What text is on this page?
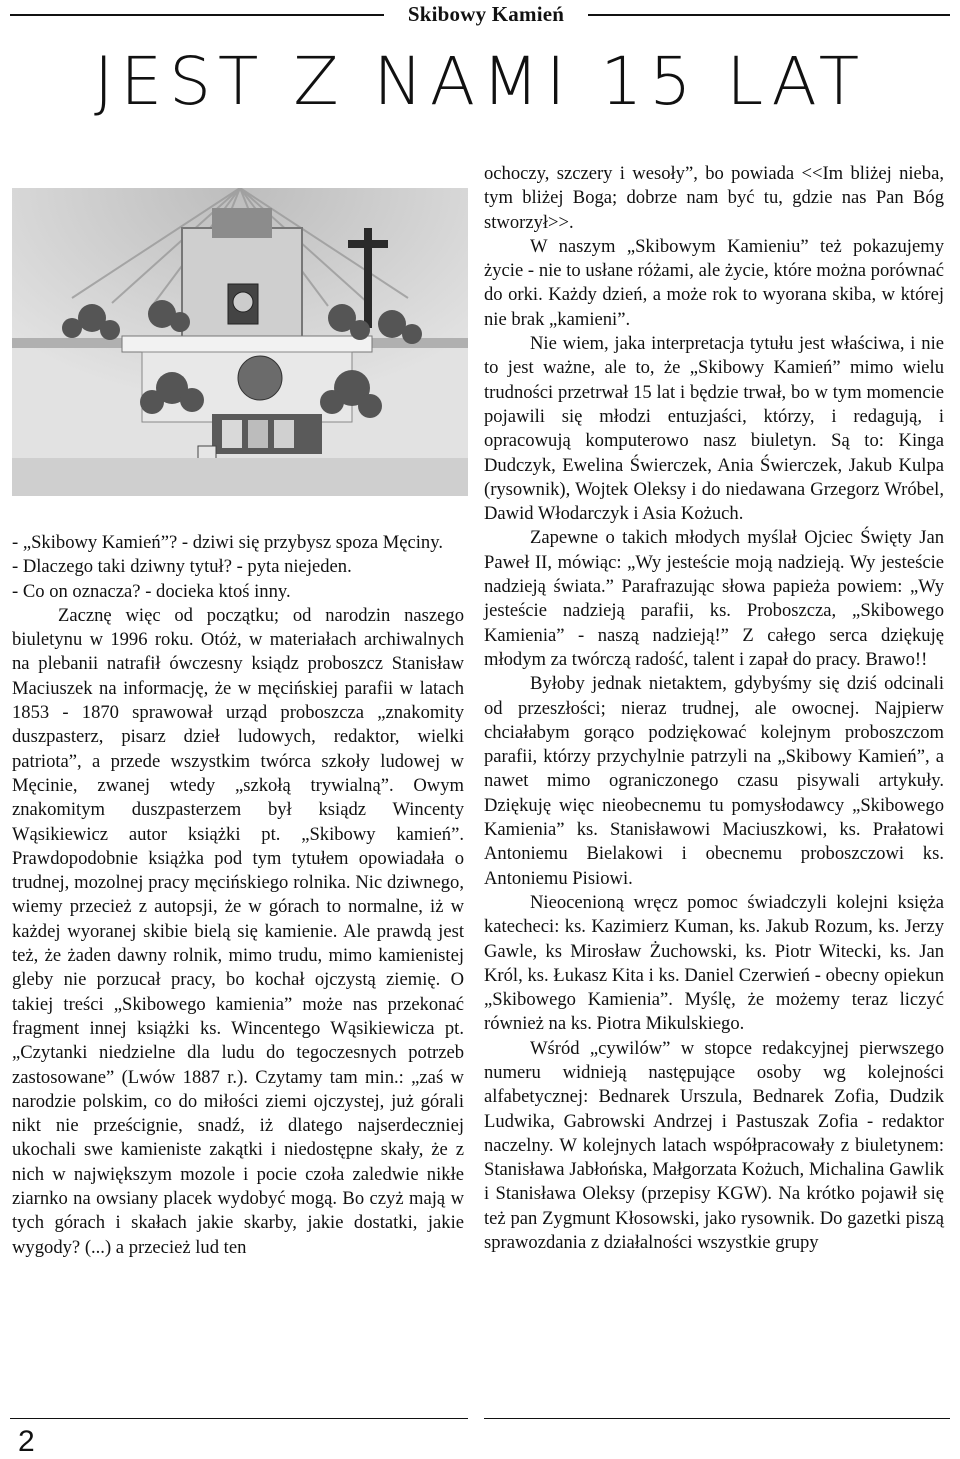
Skibowy Kamień
JEST Z NAMI 15 LAT

- „Skibowy Kamień”? - dziwi się przybysz spoza Męciny.

- Dlaczego taki dziwny tytuł? - pyta niejeden.

- Co on oznacza? - docieka ktoś inny.

Zacznę więc od początku; od narodzin naszego biuletynu w 1996 roku. Otóż, w materiałach archiwalnych na plebanii natrafił ówczesny ksiądz proboszcz Stanisław Maciuszek na informację, że w męcińskiej parafii w latach 1853 - 1870 sprawował urząd proboszcza „znakomity duszpasterz, pisarz dzieł ludowych, redaktor, wielki patriota”, a przede wszystkim twórca szkoły ludowej w Męcinie, zwanej wtedy „szkołą trywialną”. Owym znakomitym duszpasterzem był ksiądz Wincenty Wąsikiewicz autor książki pt. „Skibowy kamień”. Prawdopodobnie książka pod tym tytułem opowiadała o trudnej, mozolnej pracy męcińskiego rolnika. Nic dziwnego, wiemy przecież z autopsji, że w górach to normalne, iż w każdej wyoranej skibie bielą się kamienie. Ale prawdą jest też, że żaden dawny rolnik, mimo trudu, mimo kamienistej gleby nie porzucał pracy, bo kochał ojczystą ziemię. O takiej treści „Skibowego kamienia” może nas przekonać fragment innej książki ks. Wincentego Wąsikiewicza pt. „Czytanki niedzielne dla ludu do tegoczesnych potrzeb zastosowane” (Lwów 1887 r.). Czytamy tam min.: „zaś w narodzie polskim, co do miłości ziemi ojczystej, już górali nikt nie prześcignie, snadź, iż dlatego najserdeczniej ukochali swe kamieniste zakątki i niedostępne skały, że z nich w największym mozole i pocie czoła zaledwie nikłe ziarnko na owsiany placek wydobyć mogą. Bo czyż mają w tych górach i skałach jakie skarby, jakie dostatki, jakie wygody? (...) a przecież lud ten

ochoczy, szczery i wesoły”, bo powiada <<Im bliżej nieba, tym bliżej Boga; dobrze nam być tu, gdzie nas Pan Bóg stworzył>>.

W naszym „Skibowym Kamieniu” też pokazujemy życie - nie to usłane różami, ale życie, które można porównać do orki. Każdy dzień, a może rok to wyorana skiba, w której nie brak „kamieni”.

Nie wiem, jaka interpretacja tytułu jest właściwa, i nie to jest ważne, ale to, że „Skibowy Kamień” mimo wielu trudności przetrwał 15 lat i będzie trwał, bo w tym momencie pojawili się młodzi entuzjaści, którzy, i redagują, i opracowują komputerowo nasz biuletyn. Są to: Kinga Dudczyk, Ewelina Świerczek, Ania Świerczek, Jakub Kulpa (rysownik), Wojtek Oleksy i do niedawana Grzegorz Wróbel, Dawid Włodarczyk i Asia Kożuch.

Zapewne o takich młodych myślał Ojciec Święty Jan Paweł II, mówiąc: „Wy jesteście moją nadzieją. Wy jesteście nadzieją świata.” Parafrazując słowa papieża powiem: „Wy jesteście nadzieją parafii, ks. Proboszcza, „Skibowego Kamienia” - naszą nadzieją!” Z całego serca dziękuję młodym za twórczą radość, talent i zapał do pracy. Brawo!!

Byłoby jednak nietaktem, gdybyśmy się dziś odcinali od przeszłości; nieraz trudnej, ale owocnej. Najpierw chciałabym gorąco podziękować kolejnym proboszczom parafii, którzy przychylnie patrzyli na „Skibowy Kamień”, a nawet mimo ograniczonego czasu pisywali artykuły. Dziękuję więc nieobecnemu tu pomysłodawcy „Skibowego Kamienia” ks. Stanisławowi Maciuszkowi, ks. Prałatowi Antoniemu Bielakowi i obecnemu proboszczowi ks. Antoniemu Pisiowi.

Nieocenioną wręcz pomoc świadczyli kolejni księża katecheci: ks. Kazimierz Kuman, ks. Jakub Rozum, ks. Jerzy Gawle, ks Mirosław Żuchowski, ks. Piotr Witecki, ks. Jan Król, ks. Łukasz Kita i ks. Daniel Czerwień - obecny opiekun „Skibowego Kamienia”. Myślę, że możemy teraz liczyć również na ks. Piotra Mikulskiego.

Wśród „cywilów” w stopce redakcyjnej pierwszego numeru widnieją następujące osoby wg kolejności alfabetycznej: Bednarek Urszula, Bednarek Zofia, Dudzik Ludwika, Gabrowski Andrzej i Pastuszak Zofia - redaktor naczelny. W kolejnych latach współpracowały z biuletynem: Stanisława Jabłońska, Małgorzata Kożuch, Michalina Gawlik i Stanisława Oleksy (przepisy KGW). Na krótko pojawił się też pan Zygmunt Kłosowski, jako rysownik. Do gazetki piszą sprawozdania z działalności wszystkie grupy

2
